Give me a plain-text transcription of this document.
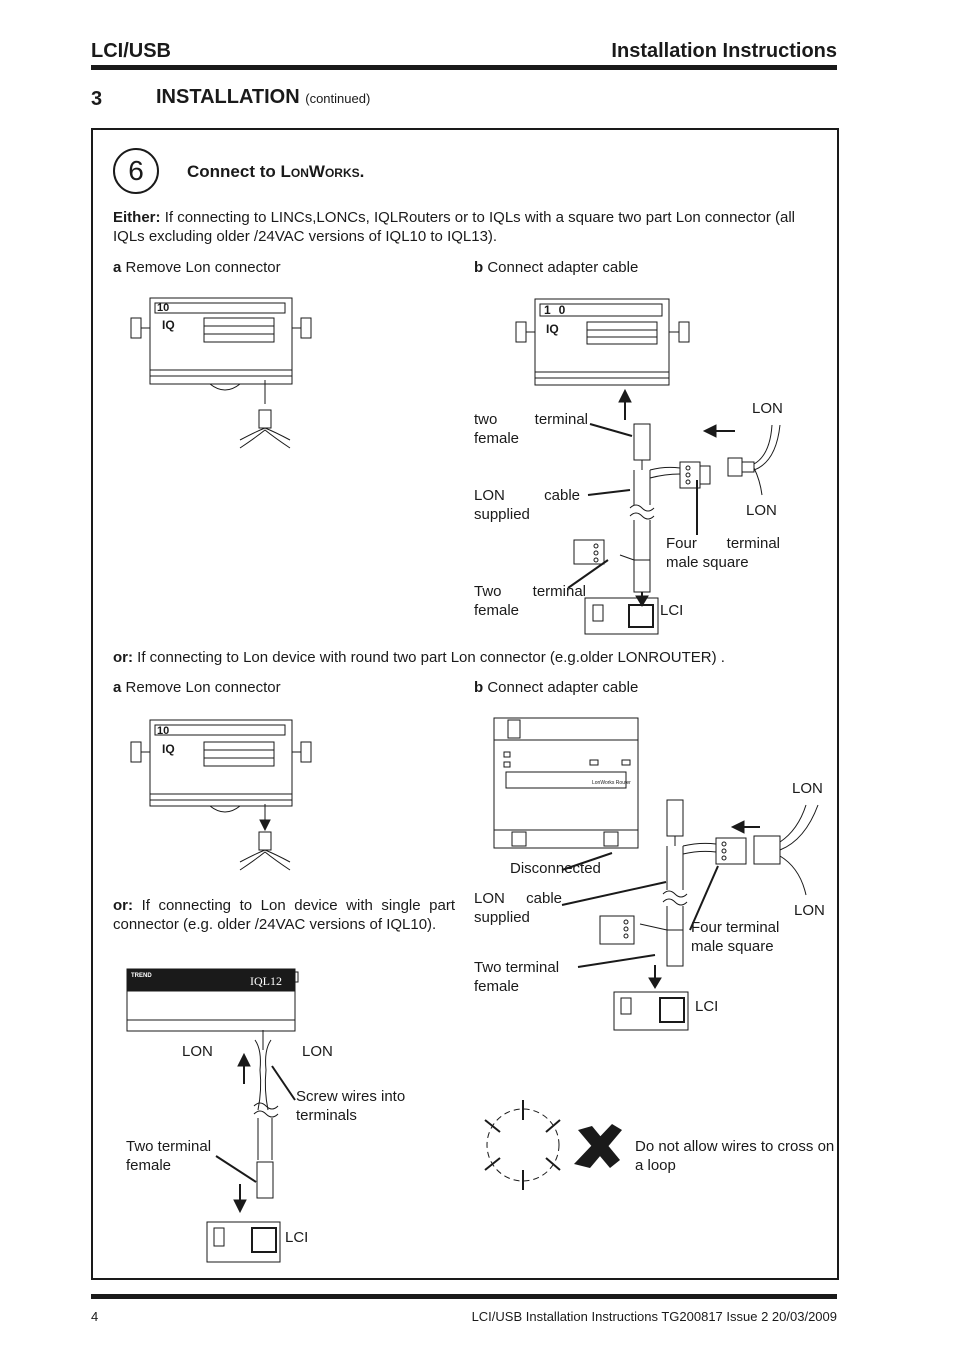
LCI/USB	Installation Instructions
3	INSTALLATION (continued)
6	Connect to LONWORKS.
Either: If connecting to LINCs,LONCs, IQLRouters or to IQLs with a square two part Lon connector (all IQLs excluding older /24VAC versions of IQL10 to IQL13).
a Remove Lon connector	b Connect adapter cable
10
IQ
10
IQ
two terminal female
LON cable supplied
Four terminal male square
Two terminal female
LON
LON
LCI
or: If connecting to Lon device with round two part Lon connector (e.g.older LONROUTER) .
a Remove Lon connector	b Connect adapter cable
10
IQ
LonWorks Router
Disconnected
LON cable supplied
Four terminal male square
Two terminal female
LON
LON
LCI
or: If connecting to Lon device with single part connector (e.g. older /24VAC versions of IQL10).
TREND	IQL12
LON	LON
Screw wires into terminals
Two terminal female
LCI
Do not allow wires to cross on a loop
4	LCI/USB Installation Instructions TG200817 Issue 2 20/03/2009
